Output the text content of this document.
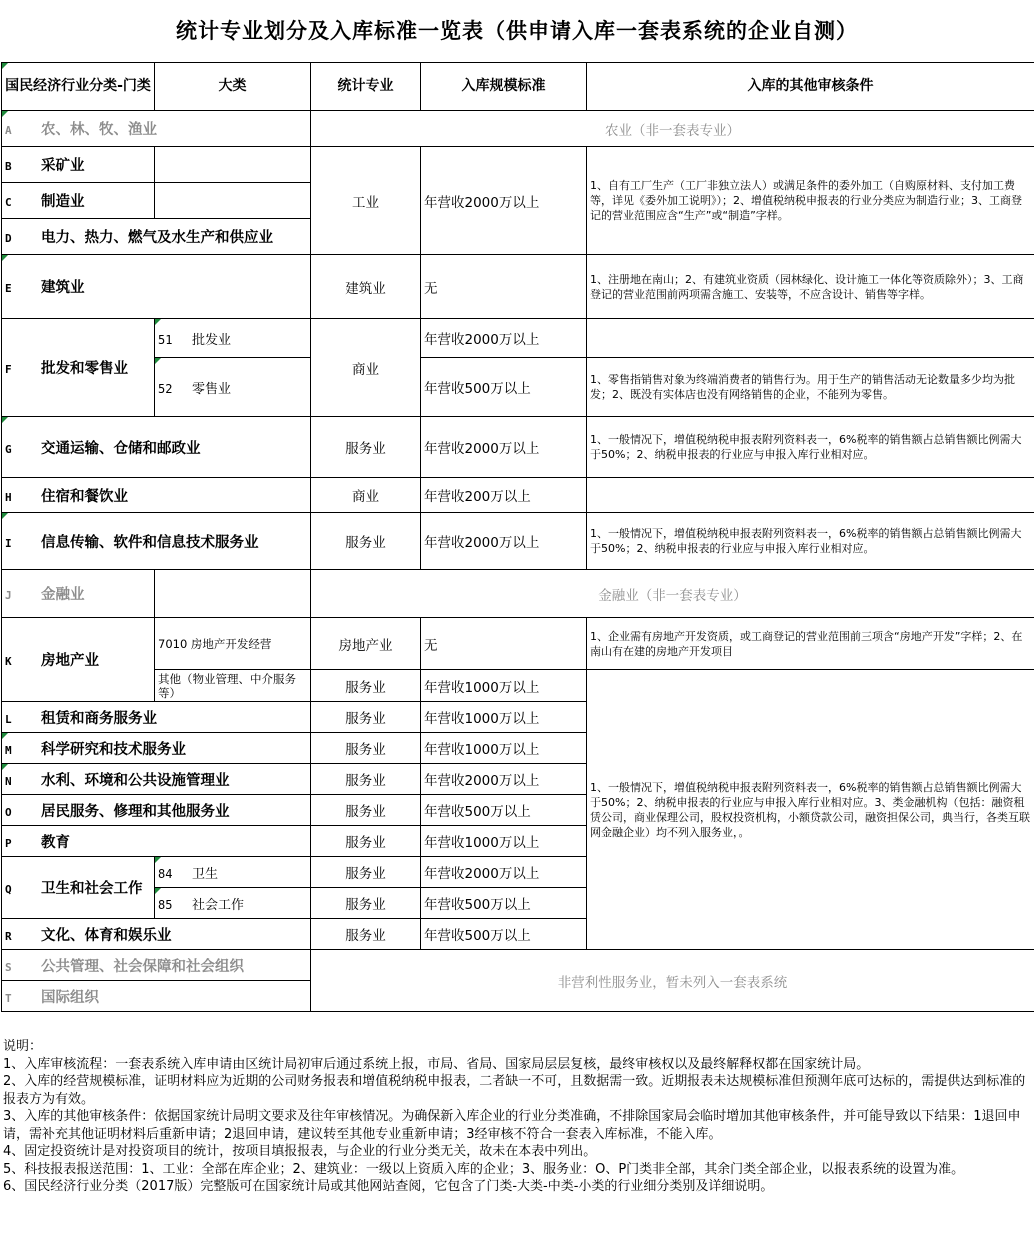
统计专业划分及入库标准一览表（供申请入库一套表系统的企业自测）
国民经济行业分类-门类	大类	统计专业	入库规模标准	入库的其他审核条件
A 农、林、牧、渔业		农业（非一套表专业）		
B 采矿业		工业	年营收2000万以上	1、自有工厂生产（工厂非独立法人）或满足条件的委外加工（自购原材料、支付加工费等，详见《委外加工说明》）；2、增值税纳税申报表的行业分类应为制造行业；3、工商登记的营业范围应含“生产”或“制造”字样。
C 制造业				
D 电力、热力、燃气及水生产和供应业				
E 建筑业		建筑业	无	1、注册地在南山；2、有建筑业资质（园林绿化、设计施工一体化等资质除外）；3、工商登记的营业范围前两项需含施工、安装等，不应含设计、销售等字样。
F 批发和零售业	51 批发业	商业	年营收2000万以上	
	52 零售业		年营收500万以上	1、零售指销售对象为终端消费者的销售行为。用于生产的销售活动无论数量多少均为批发；2、既没有实体店也没有网络销售的企业，不能列为零售。
G 交通运输、仓储和邮政业		服务业	年营收2000万以上	1、一般情况下，增值税纳税申报表附列资料表一，6%税率的销售额占总销售额比例需大于50%；2、纳税申报表的行业应与申报入库行业相对应。
H 住宿和餐饮业		商业	年营收200万以上	
I 信息传输、软件和信息技术服务业		服务业	年营收2000万以上	1、一般情况下，增值税纳税申报表附列资料表一，6%税率的销售额占总销售额比例需大于50%；2、纳税申报表的行业应与申报入库行业相对应。
J 金融业		金融业（非一套表专业）		
K 房地产业	7010 房地产开发经营	房地产业	无	1、企业需有房地产开发资质，或工商登记的营业范围前三项含“房地产开发”字样；2、在南山有在建的房地产开发项目
	其他（物业管理、中介服务等）	服务业	年营收1000万以上	1、一般情况下，增值税纳税申报表附列资料表一，6%税率的销售额占总销售额比例需大于50%；2、纳税申报表的行业应与申报入库行业相对应。3、类金融机构（包括：融资租赁公司，商业保理公司，股权投资机构，小额贷款公司，融资担保公司，典当行，各类互联网金融企业）均不列入服务业，。
L 租赁和商务服务业		服务业	年营收1000万以上	
M 科学研究和技术服务业		服务业	年营收1000万以上	
N 水利、环境和公共设施管理业		服务业	年营收2000万以上	
O 居民服务、修理和其他服务业		服务业	年营收500万以上	
P 教育		服务业	年营收1000万以上	
Q 卫生和社会工作	84 卫生	服务业	年营收2000万以上	
	85 社会工作	服务业	年营收500万以上	
R 文化、体育和娱乐业		服务业	年营收500万以上	
S 公共管理、社会保障和社会组织		非营利性服务业，暂未列入一套表系统		
T 国际组织				

说明：

1、入库审核流程：一套表系统入库申请由区统计局初审后通过系统上报，市局、省局、国家局层层复核，最终审核权以及最终解释权都在国家统计局。

2、入库的经营规模标准，证明材料应为近期的公司财务报表和增值税纳税申报表，二者缺一不可，且数据需一致。近期报表未达规模标准但预测年底可达标的，需提供达到标准的报表方为有效。

3、入库的其他审核条件：依据国家统计局明文要求及往年审核情况。为确保新入库企业的行业分类准确，不排除国家局会临时增加其他审核条件，并可能导致以下结果：1退回申请，需补充其他证明材料后重新申请；2退回申请，建议转至其他专业重新申请；3经审核不符合一套表入库标准，不能入库。

4、固定投资统计是对投资项目的统计，按项目填报报表，与企业的行业分类无关，故未在本表中列出。

5、科技报表报送范围：1、工业：全部在库企业；2、建筑业：一级以上资质入库的企业；3、服务业：O、P门类非全部，其余门类全部企业，以报表系统的设置为准。

6、国民经济行业分类（2017版）完整版可在国家统计局或其他网站查阅，它包含了门类-大类-中类-小类的行业细分类别及详细说明。
